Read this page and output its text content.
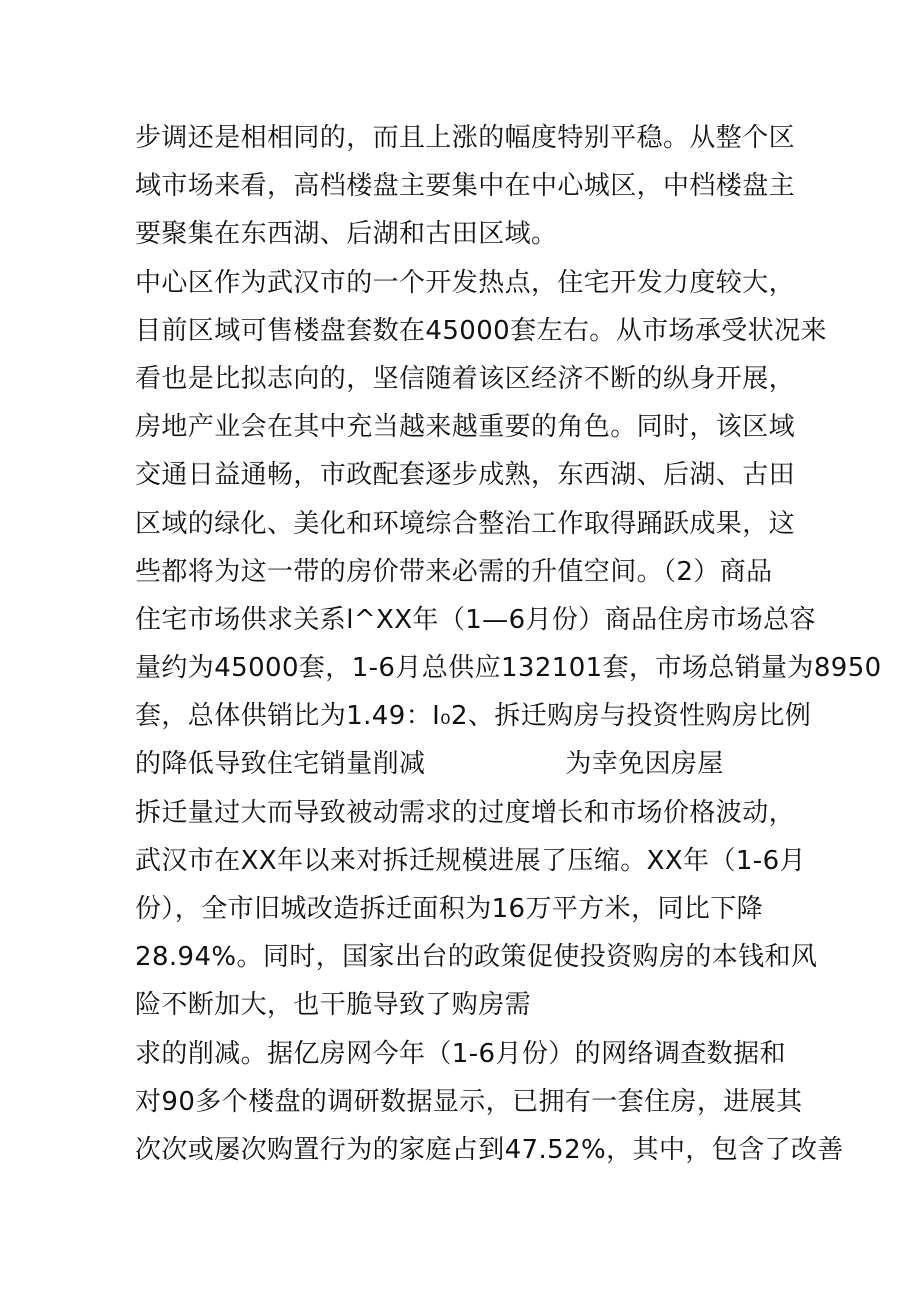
步调还是相相同的，而且上涨的幅度特别平稳。从整个区
域市场来看，高档楼盘主要集中在中心城区，中档楼盘主
要聚集在东西湖、后湖和古田区域。
中心区作为武汉市的一个开发热点，住宅开发力度较大，
目前区域可售楼盘套数在45000套左右。从市场承受状况来
看也是比拟志向的，坚信随着该区经济不断的纵身开展，
房地产业会在其中充当越来越重要的角色。同时，该区域
交通日益通畅，市政配套逐步成熟，东西湖、后湖、古田
区域的绿化、美化和环境综合整治工作取得踊跃成果，这
些都将为这一带的房价带来必需的升值空间。（2）商品
住宅市场供求关系l^XX年（1—6月份）商品住房市场总容
量约为45000套，1-6月总供应132101套，市场总销量为8950
套，总体供销比为1.49：I₀2、拆迁购房与投资性购房比例
的降低导致住宅销量削减	为幸免因房屋
拆迁量过大而导致被动需求的过度增长和市场价格波动，
武汉市在XX年以来对拆迁规模进展了压缩。XX年（1-6月
份），全市旧城改造拆迁面积为16万平方米，同比下降
28.94%。同时，国家出台的政策促使投资购房的本钱和风
险不断加大，也干脆导致了购房需
求的削减。据亿房网今年（1-6月份）的网络调查数据和
对90多个楼盘的调研数据显示，已拥有一套住房，进展其
次次或屡次购置行为的家庭占到47.52%，其中，包含了改善
